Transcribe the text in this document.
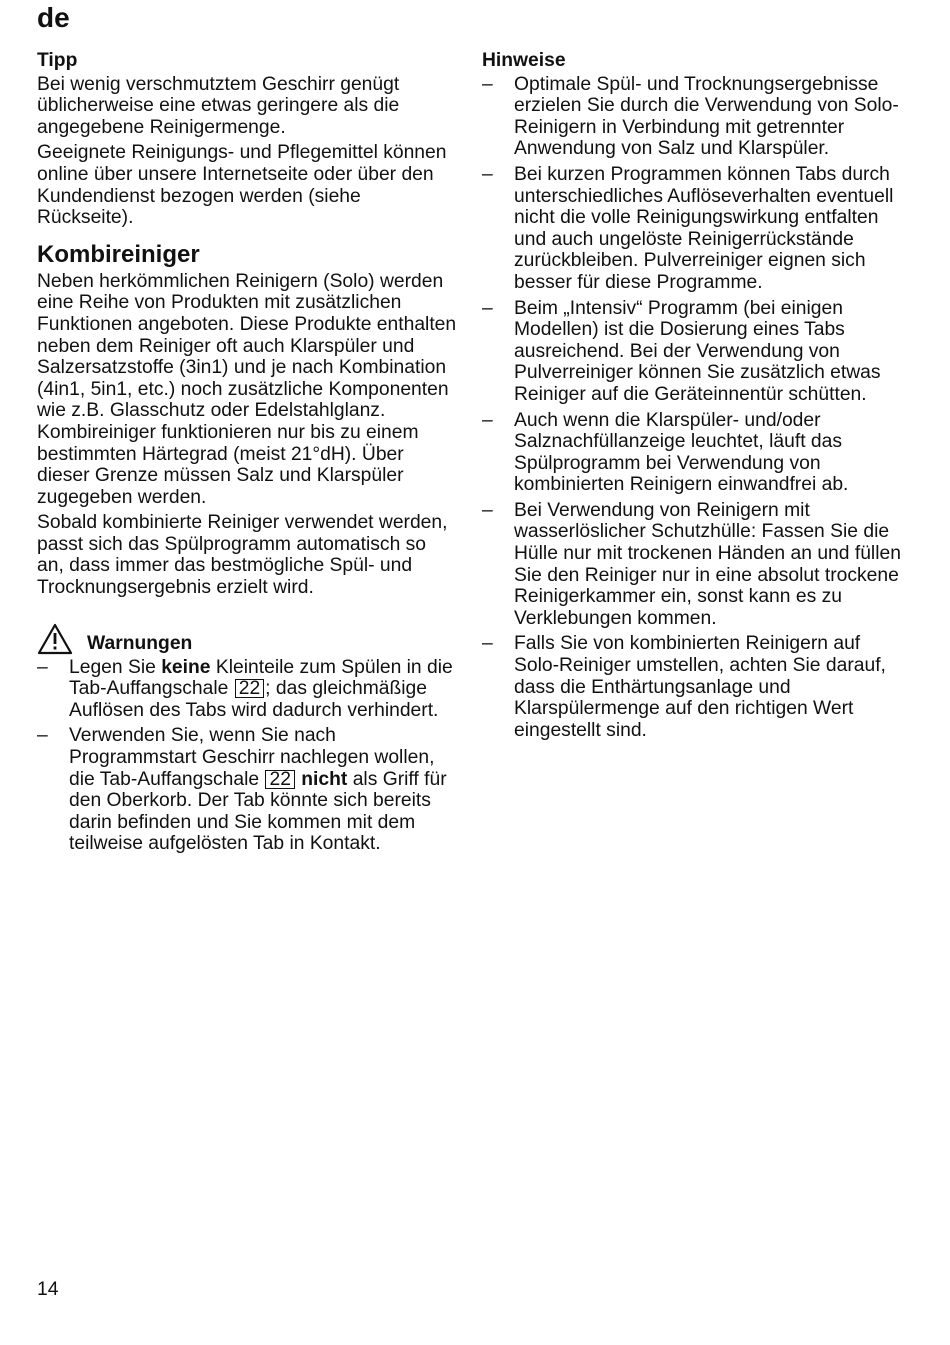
de
Tipp

Bei wenig verschmutztem Geschirr genügt üblicherweise eine etwas geringere als die angegebene Reinigermenge.

Geeignete Reinigungs- und Pflegemittel können online über unsere Internetseite oder über den Kundendienst bezogen werden (siehe Rückseite).

Kombireiniger

Neben herkömmlichen Reinigern (Solo) werden eine Reihe von Produkten mit zusätzlichen Funktionen angeboten. Diese Produkte enthalten neben dem Reiniger oft auch Klarspüler und Salzersatzstoffe (3in1) und je nach Kombination (4in1, 5in1, etc.) noch zusätzliche Komponenten wie z.B. Glasschutz oder Edelstahlglanz. Kombireiniger funktionieren nur bis zu einem bestimmten Härtegrad (meist 21°dH). Über dieser Grenze müssen Salz und Klarspüler zugegeben werden.

Sobald kombinierte Reiniger verwendet werden, passt sich das Spülprogramm automatisch so an, dass immer das bestmögliche Spül- und Trocknungsergebnis erzielt wird.

Warnungen
– Legen Sie keine Kleinteile zum Spülen in die Tab-Auffangschale 22 ; das gleichmäßige Auflösen des Tabs wird dadurch verhindert.
– Verwenden Sie, wenn Sie nach Programmstart Geschirr nachlegen wollen, die Tab-Auffangschale 22 nicht als Griff für den Oberkorb. Der Tab könnte sich bereits darin befinden und Sie kommen mit dem teilweise aufgelösten Tab in Kontakt.
Hinweise
– Optimale Spül- und Trocknungsergebnisse erzielen Sie durch die Verwendung von Solo-Reinigern in Verbindung mit getrennter Anwendung von Salz und Klarspüler.
– Bei kurzen Programmen können Tabs durch unterschiedliches Auflöseverhalten eventuell nicht die volle Reinigungswirkung entfalten und auch ungelöste Reinigerrückstände zurückbleiben. Pulverreiniger eignen sich besser für diese Programme.
– Beim „Intensiv“ Programm (bei einigen Modellen) ist die Dosierung eines Tabs ausreichend. Bei der Verwendung von Pulverreiniger können Sie zusätzlich etwas Reiniger auf die Geräteinnentür schütten.
– Auch wenn die Klarspüler- und/oder Salznachfüllanzeige leuchtet, läuft das Spülprogramm bei Verwendung von kombinierten Reinigern einwandfrei ab.
– Bei Verwendung von Reinigern mit wasserlöslicher Schutzhülle: Fassen Sie die Hülle nur mit trockenen Händen an und füllen Sie den Reiniger nur in eine absolut trockene Reinigerkammer ein, sonst kann es zu Verklebungen kommen.
– Falls Sie von kombinierten Reinigern auf Solo-Reiniger umstellen, achten Sie darauf, dass die Enthärtungsanlage und Klarspülermenge auf den richtigen Wert eingestellt sind.
14
